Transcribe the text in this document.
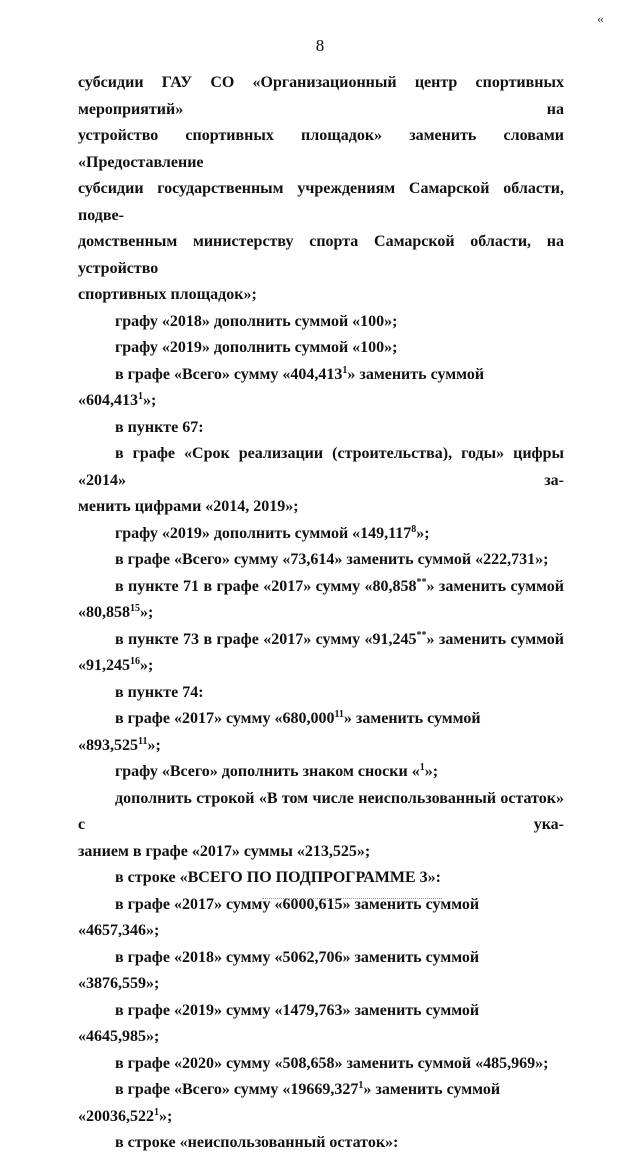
«
8

субсидии ГАУ СО «Организационный центр спортивных мероприятий» на

устройство спортивных площадок» заменить словами «Предоставление

субсидии государственным учреждениям Самарской области, подве-

домственным министерству спорта Самарской области, на устройство

спортивных площадок»;

графу «2018» дополнить суммой «100»;

графу «2019» дополнить суммой «100»;

в графе «Всего» сумму «404,413$^1$» заменить суммой «604,413$^1$»;

в пункте 67:

в графе «Срок реализации (строительства), годы» цифры «2014» за-

менить цифрами «2014, 2019»;

графу «2019» дополнить суммой «149,117$^8$»;

в графе «Всего» сумму «73,614» заменить суммой «222,731»;

в пункте 71 в графе «2017» сумму «80,858**» заменить суммой

«80,858$^{15}$»;

в пункте 73 в графе «2017» сумму «91,245**» заменить суммой

«91,245$^{16}$»;

в пункте 74:

в графе «2017» сумму «680,000$^{11}$» заменить суммой «893,525$^{11}$»;

графу «Всего» дополнить знаком сноски «$^1$»;

дополнить строкой «В том числе неиспользованный остаток» с ука-

занием в графе «2017» суммы «213,525»;

в строке «ВСЕГО ПО ПОДПРОГРАММЕ 3»:

в графе «2017» сумму «6000,615» заменить суммой «4657,346»;

в графе «2018» сумму «5062,706» заменить суммой «3876,559»;

в графе «2019» сумму «1479,763» заменить суммой «4645,985»;

в графе «2020» сумму «508,658» заменить суммой «485,969»;

в графе «Всего» сумму «19669,327$^1$» заменить суммой «20036,522$^1$»;

в строке «неиспользованный остаток»:
